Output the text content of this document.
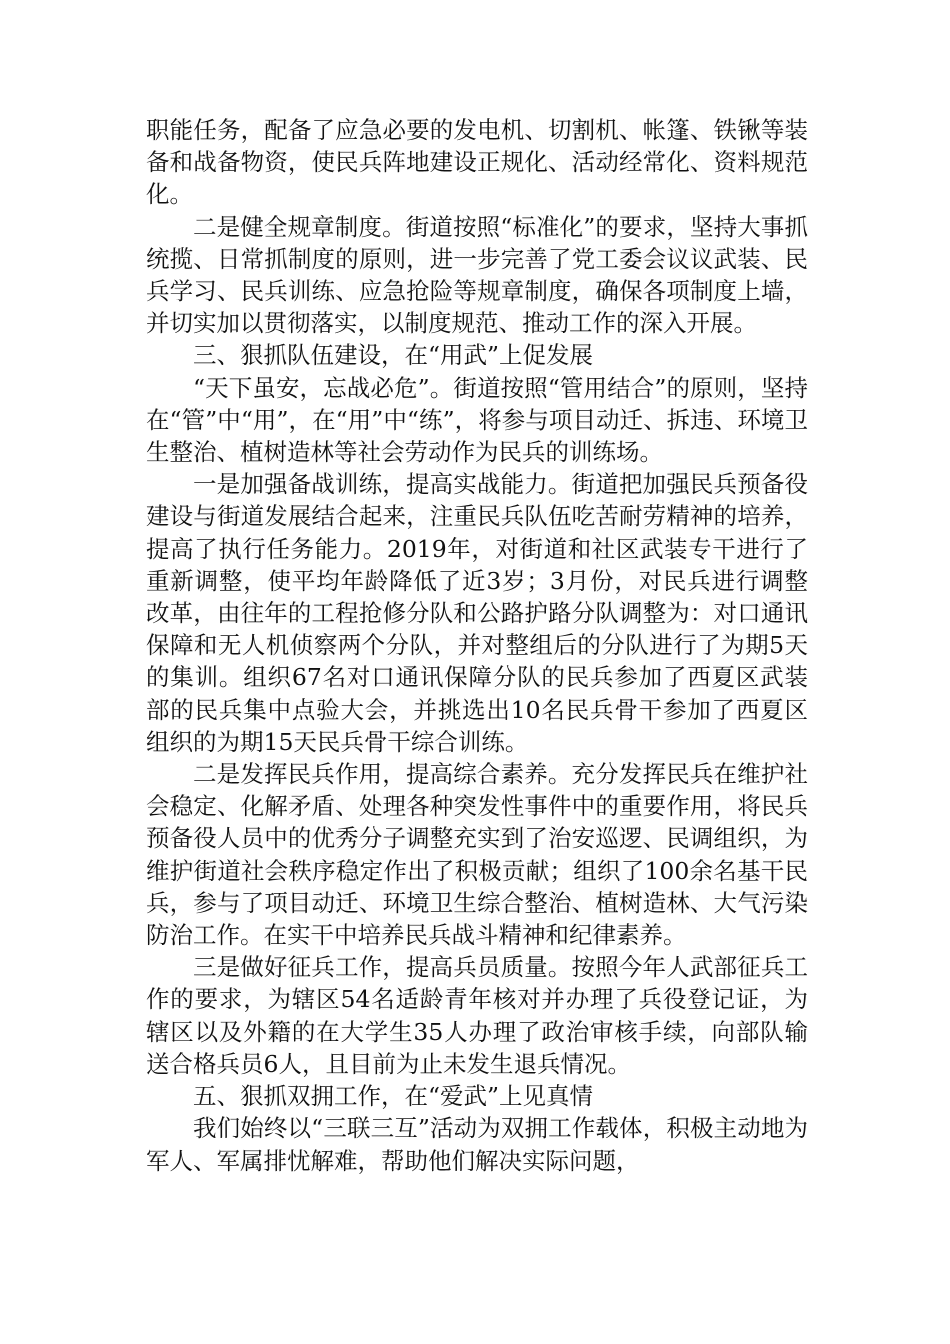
职能任务，配备了应急必要的发电机、切割机、帐篷、铁锹等装备和战备物资，使民兵阵地建设正规化、活动经常化、资料规范化。

二是健全规章制度。街道按照“标准化”的要求，坚持大事抓统揽、日常抓制度的原则，进一步完善了党工委会议议武装、民兵学习、民兵训练、应急抢险等规章制度，确保各项制度上墙，并切实加以贯彻落实，以制度规范、推动工作的深入开展。

三、狠抓队伍建设，在“用武”上促发展

“天下虽安，忘战必危”。街道按照“管用结合”的原则，坚持在“管”中“用”，在“用”中“练”，将参与项目动迁、拆违、环境卫生整治、植树造林等社会劳动作为民兵的训练场。

一是加强备战训练，提高实战能力。街道把加强民兵预备役建设与街道发展结合起来，注重民兵队伍吃苦耐劳精神的培养，提高了执行任务能力。2019年，对街道和社区武装专干进行了重新调整，使平均年龄降低了近3岁；3月份，对民兵进行调整改革，由往年的工程抢修分队和公路护路分队调整为：对口通讯保障和无人机侦察两个分队，并对整组后的分队进行了为期5天的集训。组织67名对口通讯保障分队的民兵参加了西夏区武装部的民兵集中点验大会，并挑选出10名民兵骨干参加了西夏区组织的为期15天民兵骨干综合训练。

二是发挥民兵作用，提高综合素养。充分发挥民兵在维护社会稳定、化解矛盾、处理各种突发性事件中的重要作用，将民兵预备役人员中的优秀分子调整充实到了治安巡逻、民调组织，为维护街道社会秩序稳定作出了积极贡献；组织了100余名基干民兵，参与了项目动迁、环境卫生综合整治、植树造林、大气污染防治工作。在实干中培养民兵战斗精神和纪律素养。

三是做好征兵工作，提高兵员质量。按照今年人武部征兵工作的要求，为辖区54名适龄青年核对并办理了兵役登记证，为辖区以及外籍的在大学生35人办理了政治审核手续，向部队输送合格兵员6人，且目前为止未发生退兵情况。

五、狠抓双拥工作，在“爱武”上见真情

我们始终以“三联三互”活动为双拥工作载体，积极主动地为军人、军属排忧解难，帮助他们解决实际问题，
